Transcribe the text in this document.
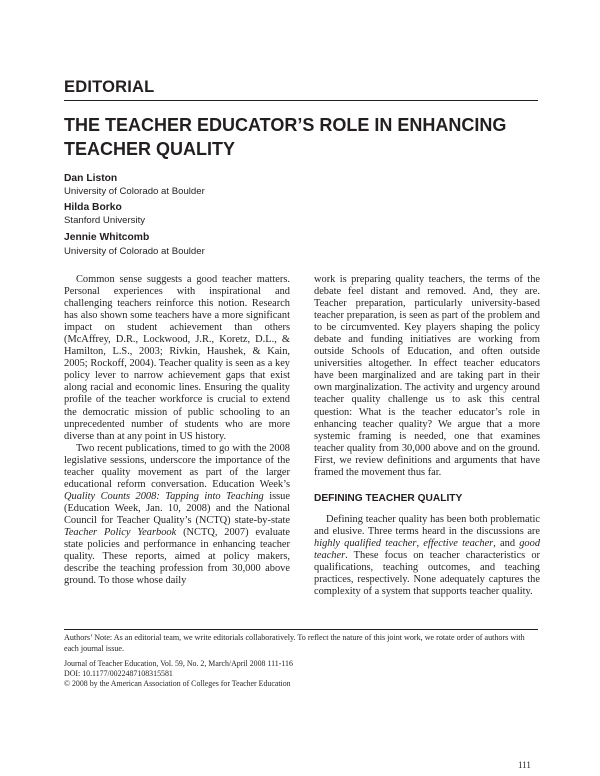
EDITORIAL
THE TEACHER EDUCATOR’S ROLE IN ENHANCING TEACHER QUALITY
Dan Liston
University of Colorado at Boulder
Hilda Borko
Stanford University
Jennie Whitcomb
University of Colorado at Boulder

Common sense suggests a good teacher matters. Personal experiences with inspirational and challenging teachers reinforce this notion. Research has also shown some teachers have a more significant impact on student achievement than others (McAffrey, D.R., Lockwood, J.R., Koretz, D.L., & Hamilton, L.S., 2003; Rivkin, Haushek, & Kain, 2005; Rockoff, 2004). Teacher quality is seen as a key policy lever to narrow achievement gaps that exist along racial and economic lines. Ensuring the quality profile of the teacher workforce is crucial to extend the democratic mission of public schooling to an unprecedented number of students who are more diverse than at any point in US history.

Two recent publications, timed to go with the 2008 legislative sessions, underscore the importance of the teacher quality movement as part of the larger educational reform conversation. Education Week’s Quality Counts 2008: Tapping into Teaching issue (Education Week, Jan. 10, 2008) and the National Council for Teacher Quality’s (NCTQ) state-by-state Teacher Policy Yearbook (NCTQ, 2007) evaluate state policies and performance in enhancing teacher quality. These reports, aimed at policy makers, describe the teaching profession from 30,000 above ground. To those whose daily

work is preparing quality teachers, the terms of the debate feel distant and removed. And, they are. Teacher preparation, particularly university-based teacher preparation, is seen as part of the problem and to be circumvented. Key players shaping the policy debate and funding initiatives are working from outside Schools of Education, and often outside universities altogether. In effect teacher educators have been marginalized and are taking part in their own marginalization. The activity and urgency around teacher quality challenge us to ask this central question: What is the teacher educator’s role in enhancing teacher quality? We argue that a more systemic framing is needed, one that examines teacher quality from 30,000 above and on the ground. First, we review definitions and arguments that have framed the movement thus far.

DEFINING TEACHER QUALITY

Defining teacher quality has been both problematic and elusive. Three terms heard in the discussions are highly qualified teacher, effective teacher, and good teacher. These focus on teacher characteristics or qualifications, teaching outcomes, and teaching practices, respectively. None adequately captures the complexity of a system that supports teacher quality.

Authors’ Note: As an editorial team, we write editorials collaboratively. To reflect the nature of this joint work, we rotate order of authors with each journal issue.
Journal of Teacher Education, Vol. 59, No. 2, March/April 2008 111-116
DOI: 10.1177/0022487108315581
© 2008 by the American Association of Colleges for Teacher Education
111
